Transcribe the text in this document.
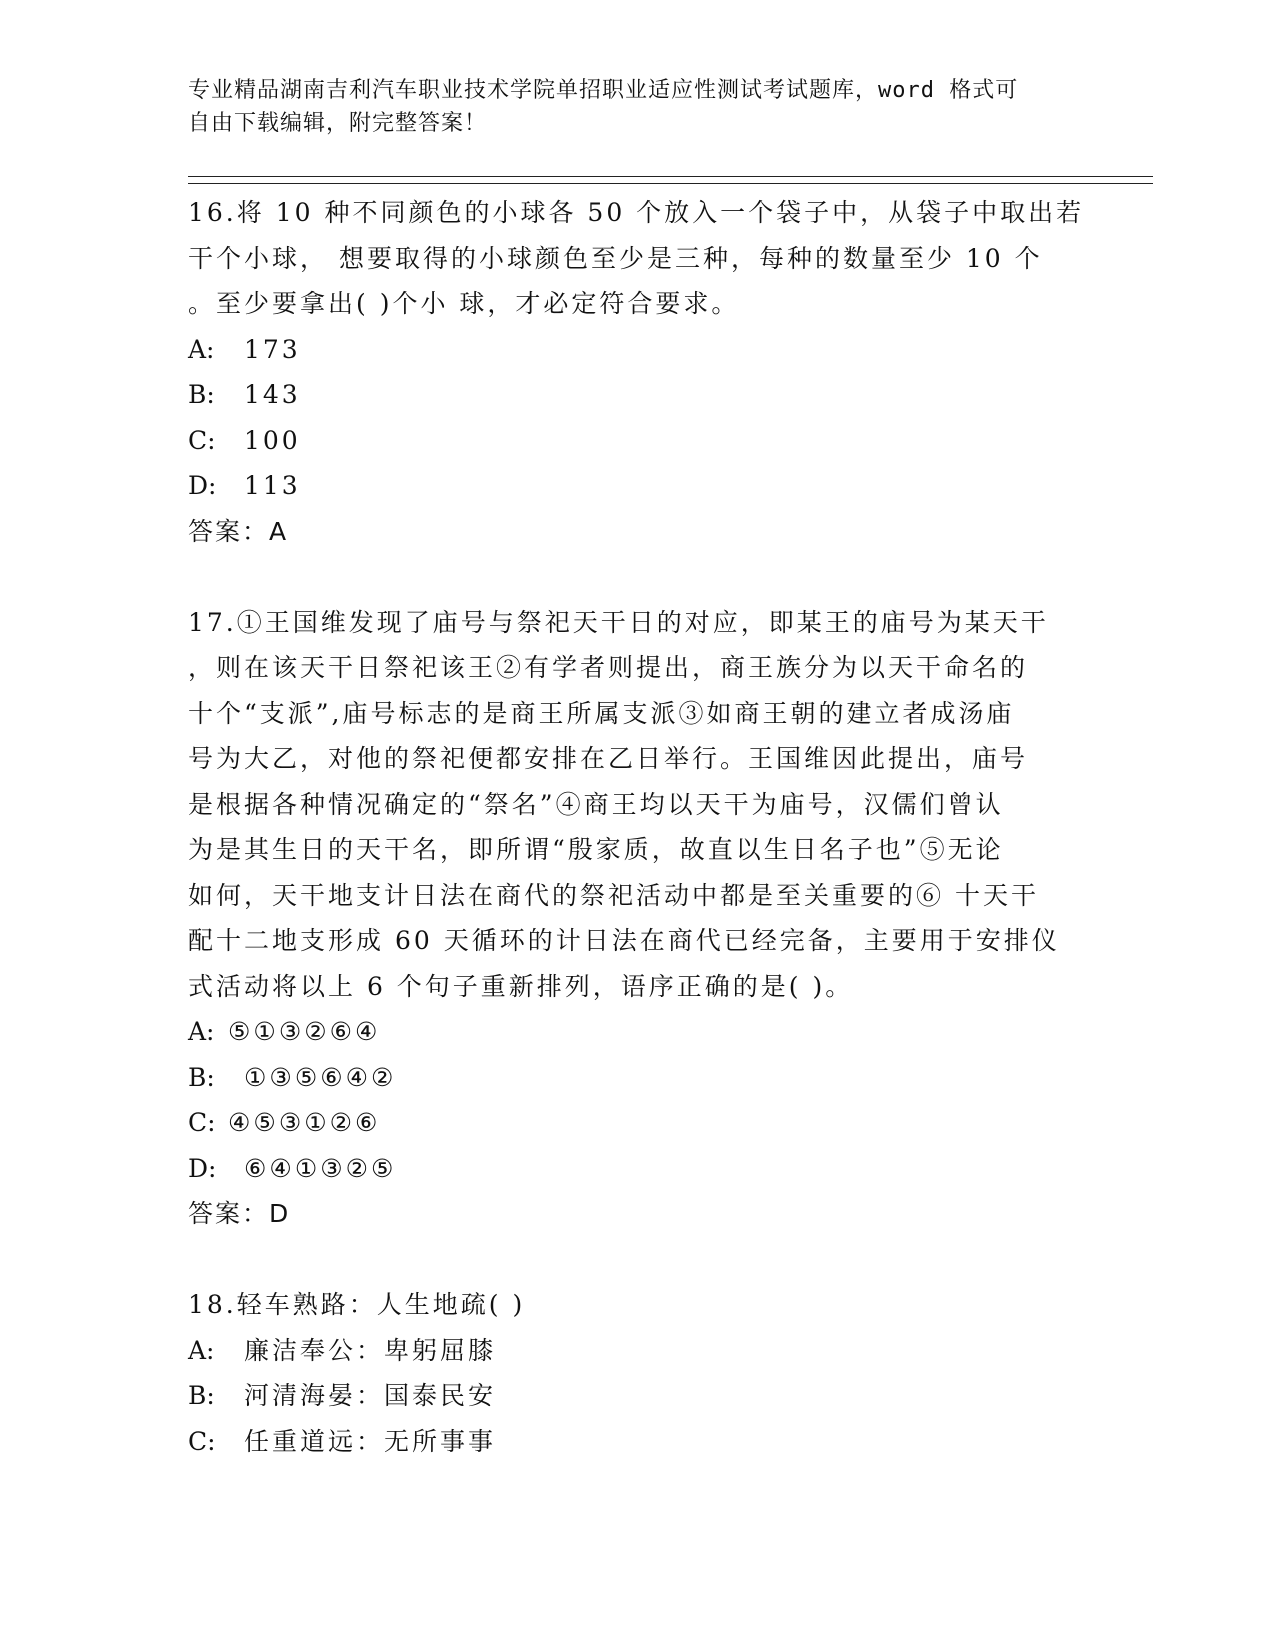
专业精品湖南吉利汽车职业技术学院单招职业适应性测试考试题库，word 格式可
自由下载编辑，附完整答案！
16.将 10 种不同颜色的小球各 50 个放入一个袋子中，从袋子中取出若
干个小球， 想要取得的小球颜色至少是三种，每种的数量至少 10 个
。至少要拿出( )个小 球，才必定符合要求。
A: 173
B: 143
C: 100
D: 113
答案：A
17.①王国维发现了庙号与祭祀天干日的对应，即某王的庙号为某天干
，则在该天干日祭祀该王②有学者则提出，商王族分为以天干命名的
十个“支派”,庙号标志的是商王所属支派③如商王朝的建立者成汤庙
号为大乙，对他的祭祀便都安排在乙日举行。王国维因此提出，庙号
是根据各种情况确定的“祭名”④商王均以天干为庙号，汉儒们曾认
为是其生日的天干名，即所谓“殷家质，故直以生日名子也”⑤无论
如何，天干地支计日法在商代的祭祀活动中都是至关重要的⑥ 十天干
配十二地支形成 60 天循环的计日法在商代已经完备，主要用于安排仪
式活动将以上 6 个句子重新排列，语序正确的是( )。
A: ⑤①③②⑥④
B: ①③⑤⑥④②
C: ④⑤③①②⑥
D: ⑥④①③②⑤
答案：D
18.轻车熟路：人生地疏( )
A: 廉洁奉公：卑躬屈膝
B: 河清海晏：国泰民安
C: 任重道远：无所事事
